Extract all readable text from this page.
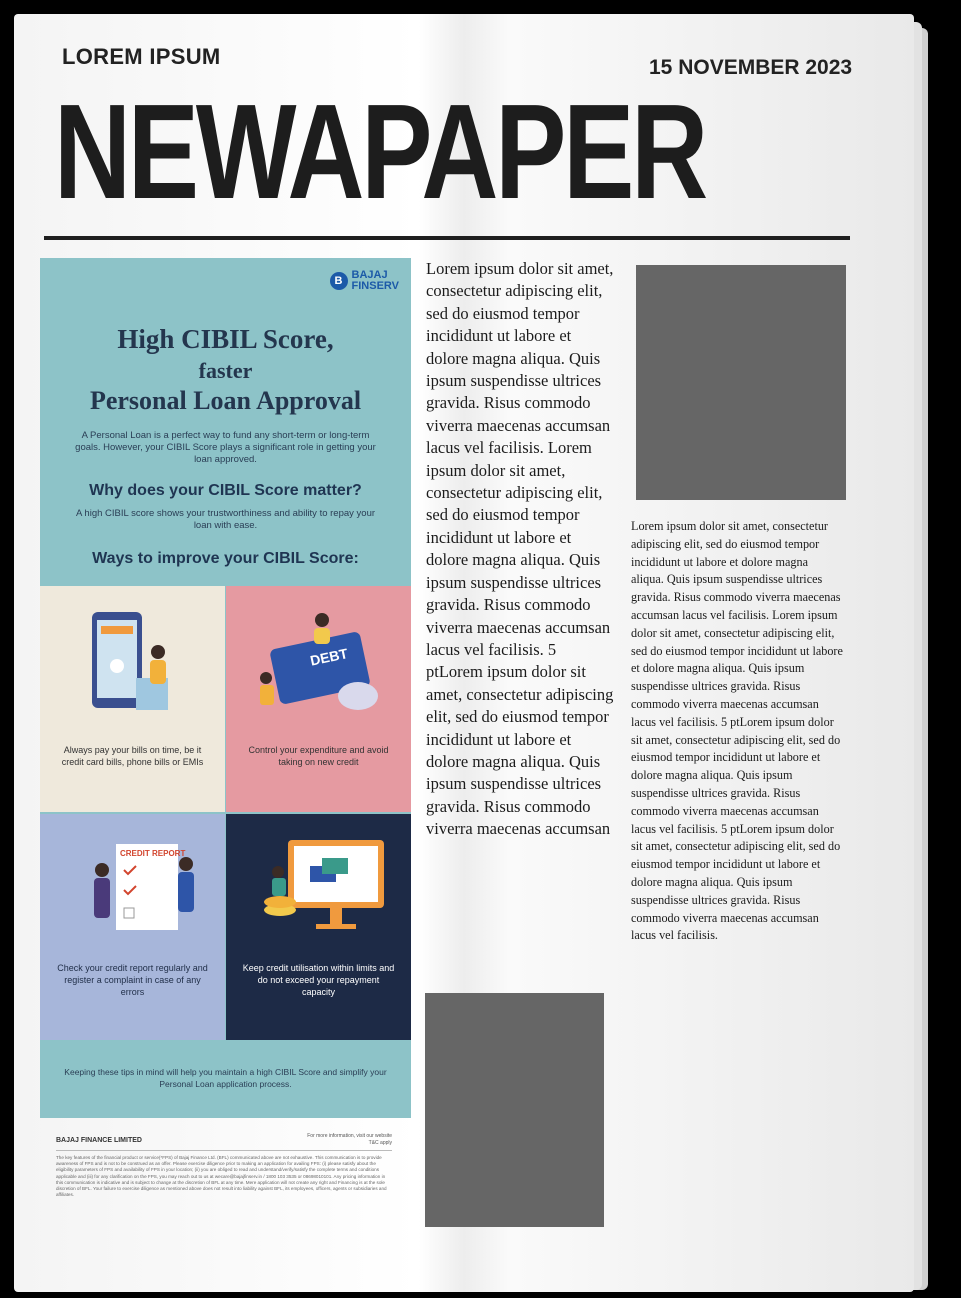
LOREM IPSUM	15 NOVEMBER 2023
NEWAPAPER
B BAJAJ
FINSERV
High CIBIL Score,
faster
Personal Loan Approval
A Personal Loan is a perfect way to fund any short-term or long-term goals. However, your CIBIL Score plays a significant role in getting your loan approved.
Why does your CIBIL Score matter?
A high CIBIL score shows your trustworthiness and ability to repay your loan with ease.
Ways to improve your CIBIL Score:
Always pay your bills on time, be it credit card bills, phone bills or EMIs
DEBT
Control your expenditure and avoid taking on new credit
CREDIT REPORT
Check your credit report regularly and register a complaint in case of any errors
Keep credit utilisation within limits and do not exceed your repayment capacity
Keeping these tips in mind will help you maintain a high CIBIL Score and simplify your Personal Loan application process.
BAJAJ FINANCE LIMITED
For more information, visit our website
T&C apply
The key features of the financial product or service(*FPS) of Bajaj Finance Ltd. (BFL) communicated above are not exhaustive. This communication is to provide awareness of FPS and is not to be construed as an offer. Please exercise diligence prior to making an application for availing FPS: (i) please satisfy about the eligibility parameters of FPS and availability of FPS in your location; (ii) you are obliged to read and understand/verify/satisfy the complete terms and conditions applicable and (iii) for any clarification on the FPS, you may reach out to us at wecare@bajajfinserv.in / 1800 103 3535 or 08698010101. Any pricing information in this communication is indicative and is subject to change at the discretion of BFL at any time. Mere application will not create any right and Financing is at the sole discretion of BFL. Your failure to exercise diligence as mentioned above does not result into liability against BFL, its employees, officers, agents or subsidiaries and affiliates.
Lorem ipsum dolor sit amet, consectetur adipiscing elit, sed do eiusmod tempor incididunt ut labore et dolore magna aliqua. Quis ipsum suspendisse ultrices gravida. Risus commodo viverra maecenas accumsan lacus vel facilisis. Lorem ipsum dolor sit amet, consectetur adipiscing elit, sed do eiusmod tempor incididunt ut labore et dolore magna aliqua. Quis ipsum suspendisse ultrices gravida. Risus commodo viverra maecenas accumsan lacus vel facilisis. 5 ptLorem ipsum dolor sit amet, consectetur adipiscing elit, sed do eiusmod tempor incididunt ut labore et dolore magna aliqua. Quis ipsum suspendisse ultrices gravida. Risus commodo viverra maecenas accumsan
Lorem ipsum dolor sit amet, consectetur adipiscing elit, sed do eiusmod tempor incididunt ut labore et dolore magna aliqua. Quis ipsum suspendisse ultrices gravida. Risus commodo viverra maecenas accumsan lacus vel facilisis. Lorem ipsum dolor sit amet, consectetur adipiscing elit, sed do eiusmod tempor incididunt ut labore et dolore magna aliqua. Quis ipsum suspendisse ultrices gravida. Risus commodo viverra maecenas accumsan lacus vel facilisis. 5 ptLorem ipsum dolor sit amet, consectetur adipiscing elit, sed do eiusmod tempor incididunt ut labore et dolore magna aliqua. Quis ipsum suspendisse ultrices gravida. Risus commodo viverra maecenas accumsan lacus vel facilisis. 5 ptLorem ipsum dolor sit amet, consectetur adipiscing elit, sed do eiusmod tempor incididunt ut labore et dolore magna aliqua. Quis ipsum suspendisse ultrices gravida. Risus commodo viverra maecenas accumsan lacus vel facilisis.
